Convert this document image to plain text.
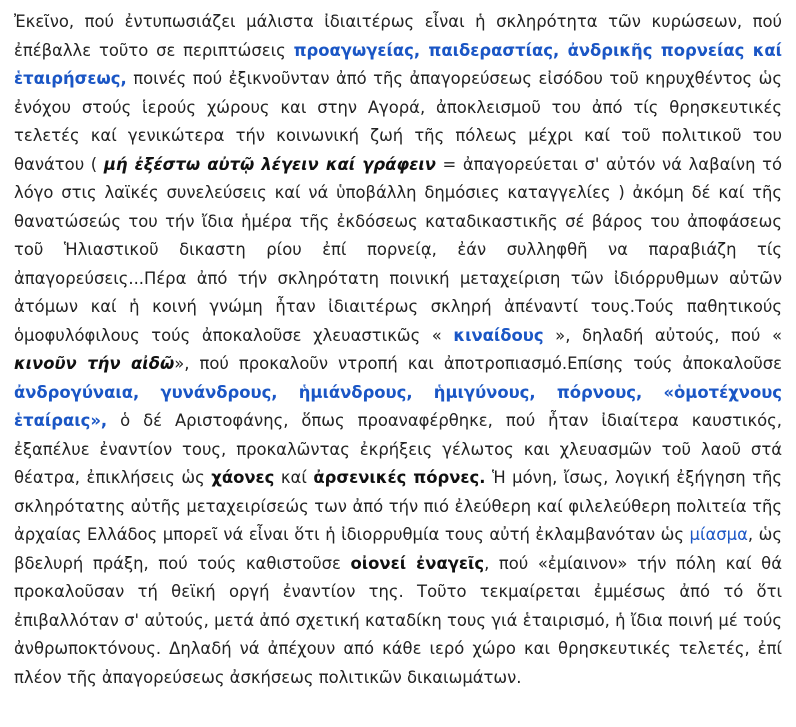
Ἐκεῖνο, πού ἐντυπωσιάζει μάλιστα ἰδιαιτέρως εἶναι ἡ σκληρότητα τῶν κυρώσεων, πού ἐπέβαλλε τοῦτο σε περιπτώσεις προαγωγείας, παιδεραστίας, ἀνδρικῆς πορνείας καί ἑταιρήσεως, ποινές πού ἐξικνοῦνταν ἀπό τῆς ἀπαγορεύσεως εἰσόδου τοῦ κηρυχθέντος ὡς ἐνόχου στούς ἱερούς χώρους και στην Αγορά, ἀποκλεισμοῦ του ἀπό τίς θρησκευτικές τελετές καί γενικώτερα τήν κοινωνική ζωή τῆς πόλεως μέχρι καί τοῦ πολιτικοῦ του θανάτου ( μή ἐξέστω αὐτῷ λέγειν καί γράφειν = ἀπαγορεύεται σ' αὐτόν νά λαβαίνη τό λόγο στις λαϊκές συνελεύσεις καί νά ὑποβάλλη δημόσιες καταγγελίες ) ἀκόμη δέ καί τῆς θανατώσεώς του τήν ἴδια ἡμέρα τῆς ἐκδόσεως καταδικαστικῆς σέ βάρος του ἀποφάσεως τοῦ Ἡλιαστικοῦ δικαστη ρίου ἐπί πορνείᾳ, ἐάν συλληφθῆ να παραβιάζη τίς ἀπαγορεύσεις...Πέρα ἀπό τήν σκληρότατη ποινική μεταχείριση τῶν ἰδιόρρυθμων αὐτῶν ἀτόμων καί ἡ κοινή γνώμη ἦταν ἰδιαιτέρως σκληρή ἀπέναντί τους.Τούς παθητικούς ὁμοφυλόφιλους τούς ἀποκαλοῦσε χλευαστικῶς « κιναίδους », δηλαδή αὐτούς, πού « κινοῦν τήν αἰδῶ», πού προκαλοῦν ντροπή και ἀποτροπιασμό.Επίσης τούς ἀποκαλοῦσε ἀνδρογύναια, γυνάνδρους, ἡμιάνδρους, ἡμιγύνους, πόρνους, «ὁμοτέχνους ἑταίραις», ὁ δέ Αριστοφάνης, ὅπως προαναφέρθηκε, πού ἦταν ἰδιαίτερα καυστικός, ἐξαπέλυε ἐναντίον τους, προκαλῶντας ἐκρήξεις γέλωτος και χλευασμῶν τοῦ λαοῦ στά θέατρα, ἐπικλήσεις ὡς χάονες καί ἀρσενικές πόρνες. Ἡ μόνη, ἴσως, λογική ἐξήγηση τῆς σκληρότατης αὐτῆς μεταχειρίσεώς των ἀπό τήν πιό ἐλεύθερη καί φιλελεύθερη πολιτεία τῆς ἀρχαίας Ελλάδος μπορεῖ νά εἶναι ὅτι ἡ ἰδιορρυθμία τους αὐτή ἐκλαμβανόταν ὡς μίασμα, ὡς βδελυρή πράξη, πού τούς καθιστοῦσε οἰονεί ἐναγεῖς, πού «ἐμίαινον» τήν πόλη καί θά προκαλοῦσαν τή θεϊκή οργή ἐναντίον της. Τοῦτο τεκμαίρεται ἐμμέσως ἀπό τό ὅτι ἐπιβαλλόταν σ' αὐτούς, μετά ἀπό σχετική καταδίκη τους γιά ἑταιρισμό, ἡ ἴδια ποινή μέ τούς ἀνθρωποκτόνους. Δηλαδή νά ἀπέχουν από κάθε ιερό χώρο και θρησκευτικές τελετές, ἐπί πλέον τῆς ἀπαγορεύσεως ἀσκήσεως πολιτικῶν δικαιωμάτων.
